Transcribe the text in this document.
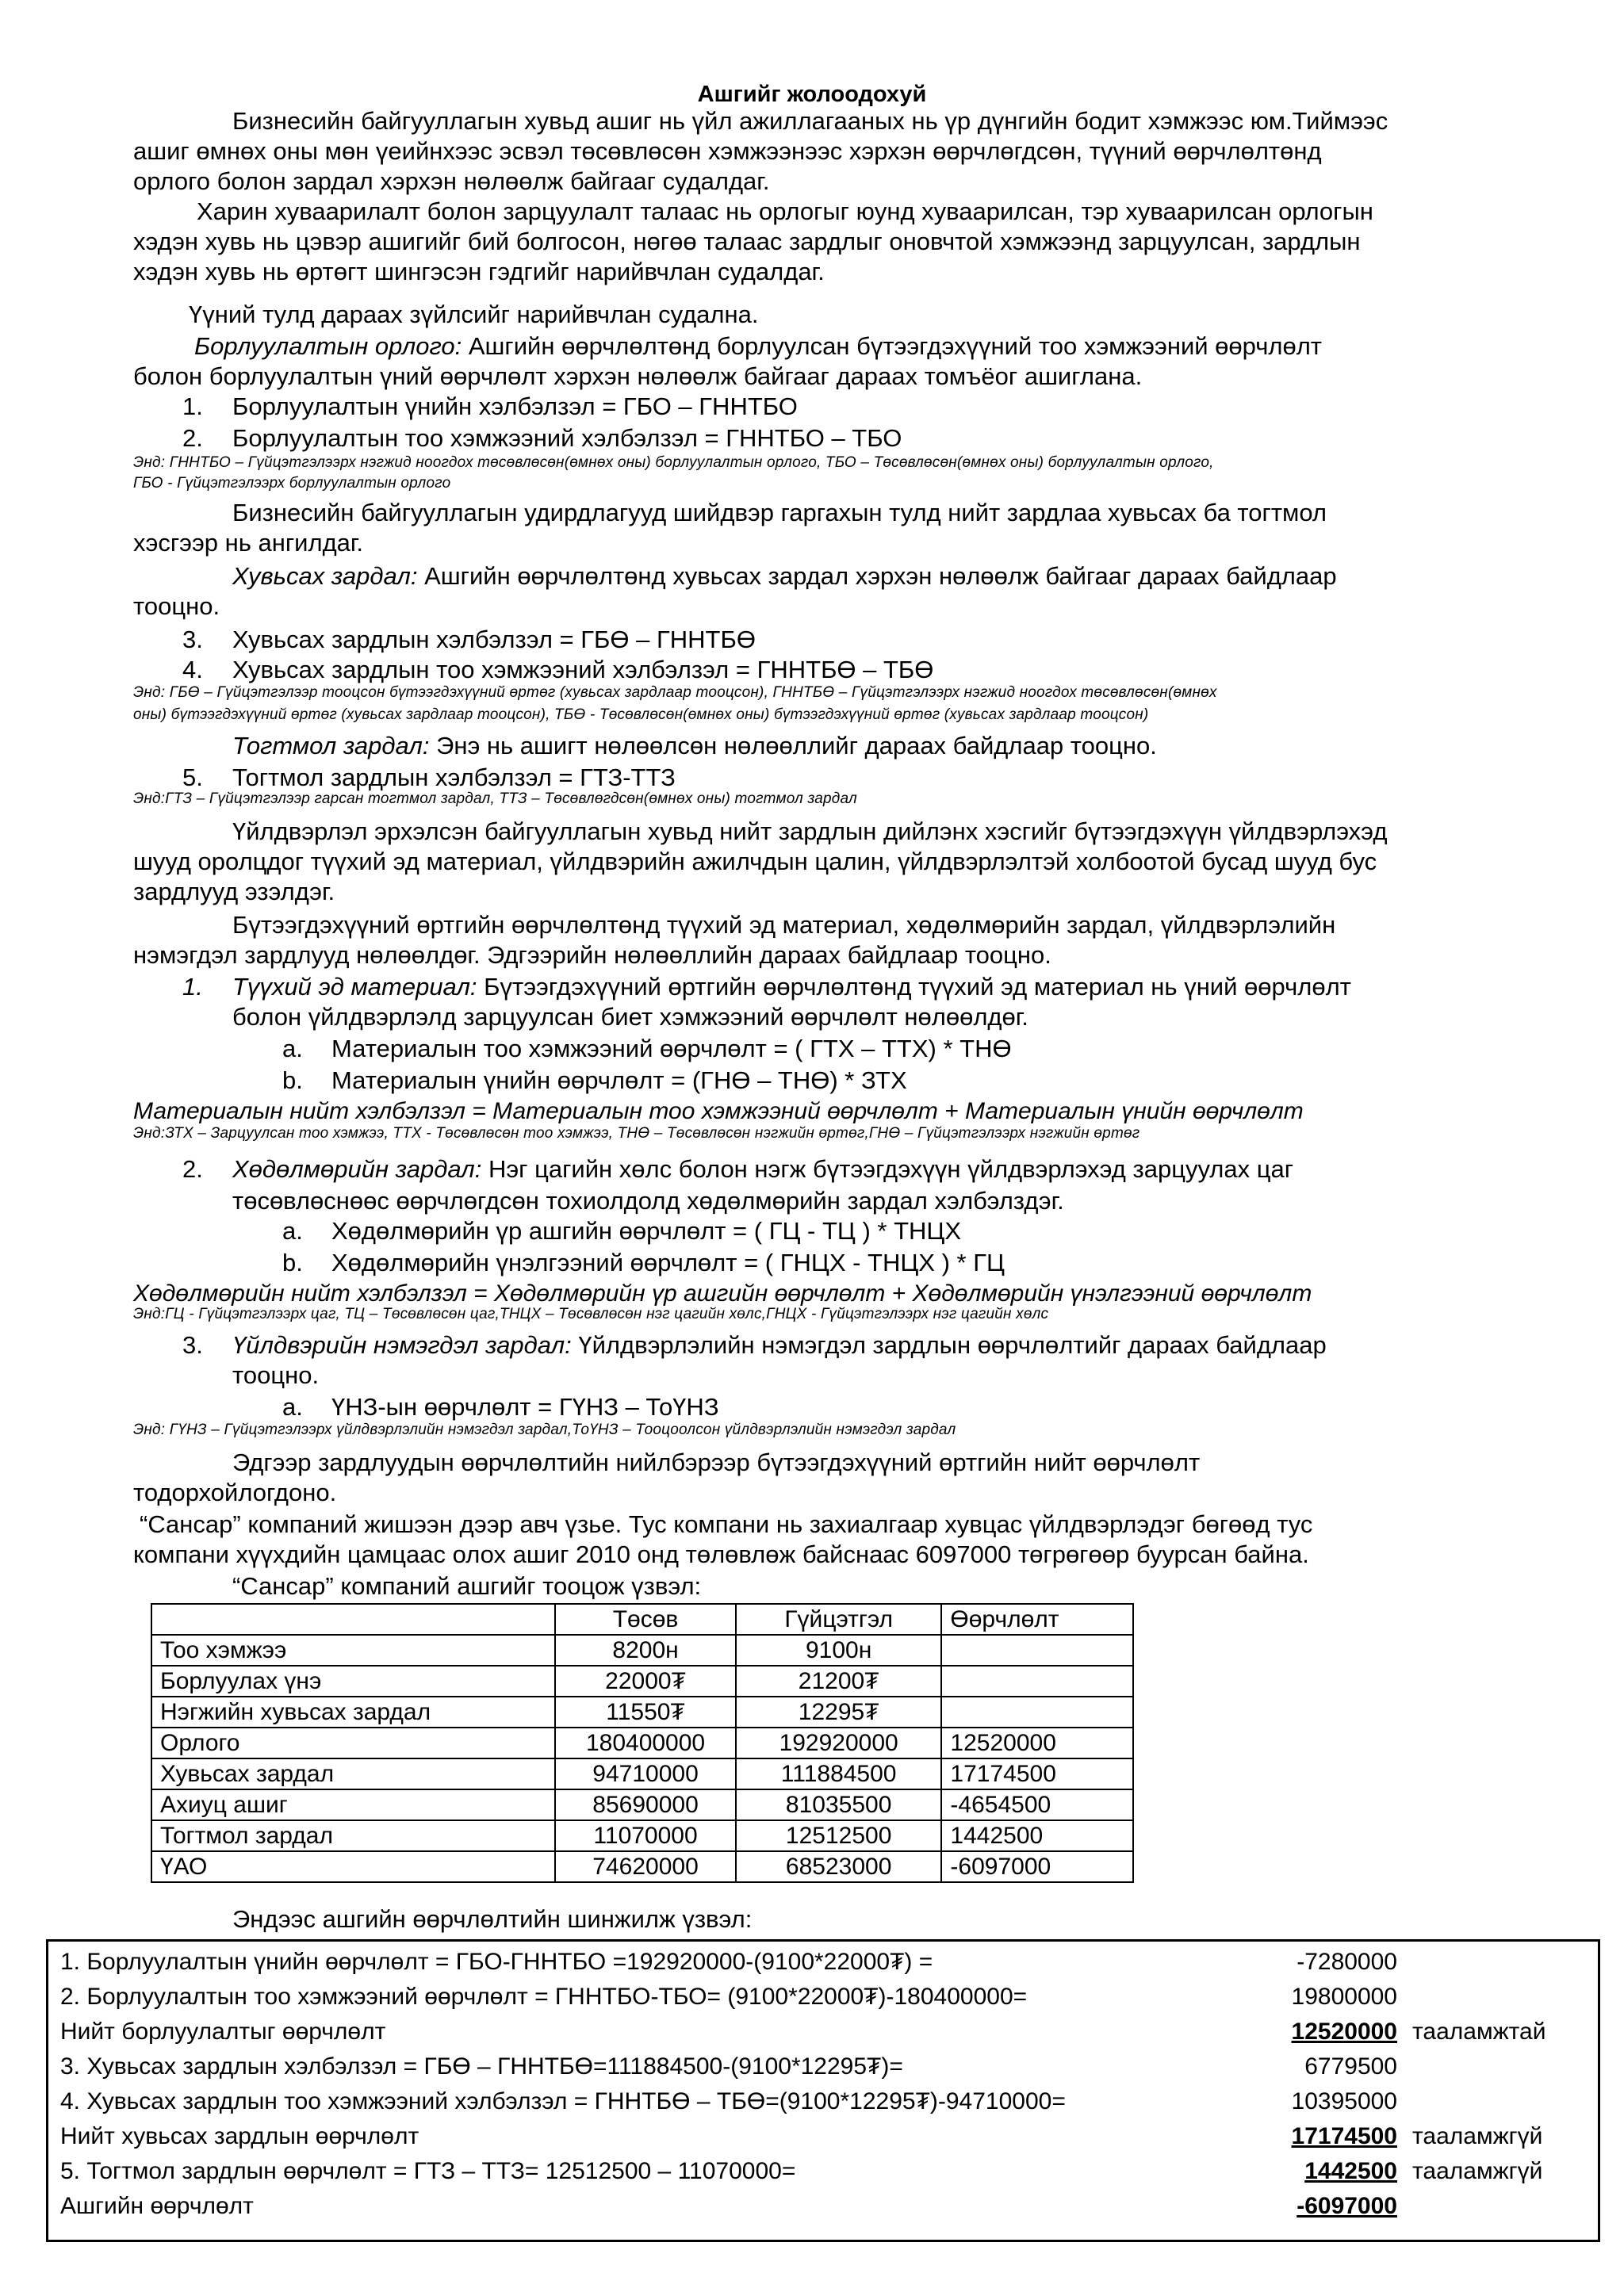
Ашгийг жолоодохуй
Бизнесийн байгууллагын хувьд ашиг нь үйл ажиллагааных нь үр дүнгийн бодит хэмжээс юм.Тиймээс
ашиг өмнөх оны мөн үеийнхээс эсвэл төсөвлөсөн хэмжээнээс хэрхэн өөрчлөгдсөн, түүний өөрчлөлтөнд
орлого болон зардал хэрхэн нөлөөлж байгааг судалдаг.
Харин хуваарилалт болон зарцуулалт талаас нь орлогыг юунд хуваарилсан, тэр хуваарилсан орлогын
хэдэн хувь нь цэвэр ашигийг бий болгосон, нөгөө талаас зардлыг оновчтой хэмжээнд зарцуулсан, зардлын
хэдэн хувь нь өртөгт шингэсэн гэдгийг нарийвчлан судалдаг.
Үүний тулд дараах зүйлсийг нарийвчлан судална.
Борлуулалтын орлого: Ашгийн өөрчлөлтөнд борлуулсан бүтээгдэхүүний тоо хэмжээний өөрчлөлт
болон борлуулалтын үний өөрчлөлт хэрхэн нөлөөлж байгааг дараах томъёог ашиглана.
1. Борлуулалтын үнийн хэлбэлзэл = ГБО – ГННТБО
2. Борлуулалтын тоо хэмжээний хэлбэлзэл = ГННТБО – ТБО
Энд: ГННТБО – Гүйцэтгэлээрх нэгжид ноогдох төсөвлөсөн(өмнөх оны) борлуулалтын орлого, ТБО – Төсөвлөсөн(өмнөх оны) борлуулалтын орлого,
ГБО - Гүйцэтгэлээрх борлуулалтын орлого
Бизнесийн байгууллагын удирдлагууд шийдвэр гаргахын тулд нийт зардлаа хувьсах ба тогтмол
хэсгээр нь ангилдаг.
Хувьсах зардал: Ашгийн өөрчлөлтөнд хувьсах зардал хэрхэн нөлөөлж байгааг дараах байдлаар
тооцно.
3. Хувьсах зардлын хэлбэлзэл = ГБӨ – ГННТБӨ
4. Хувьсах зардлын тоо хэмжээний хэлбэлзэл = ГННТБӨ – ТБӨ
Энд: ГБӨ – Гүйцэтгэлээр тооцсон бүтээгдэхүүний өртөг (хувьсах зардлаар тооцсон), ГННТБӨ – Гүйцэтгэлээрх нэгжид ноогдох төсөвлөсөн(өмнөх
оны) бүтээгдэхүүний өртөг (хувьсах зардлаар тооцсон), ТБӨ - Төсөвлөсөн(өмнөх оны) бүтээгдэхүүний өртөг (хувьсах зардлаар тооцсон)
Тогтмол зардал: Энэ нь ашигт нөлөөлсөн нөлөөллийг дараах байдлаар тооцно.
5. Тогтмол зардлын хэлбэлзэл = ГТЗ-ТТЗ
Энд:ГТЗ – Гүйцэтгэлээр гарсан тогтмол зардал, ТТЗ – Төсөвлөгдсөн(өмнөх оны) тогтмол зардал
Үйлдвэрлэл эрхэлсэн байгууллагын хувьд нийт зардлын дийлэнх хэсгийг бүтээгдэхүүн үйлдвэрлэхэд
шууд оролцдог түүхий эд материал, үйлдвэрийн ажилчдын цалин, үйлдвэрлэлтэй холбоотой бусад шууд бус
зардлууд эзэлдэг.
Бүтээгдэхүүний өртгийн өөрчлөлтөнд түүхий эд материал, хөдөлмөрийн зардал, үйлдвэрлэлийн
нэмэгдэл зардлууд нөлөөлдөг. Эдгээрийн нөлөөллийн дараах байдлаар тооцно.
1. Түүхий эд материал: Бүтээгдэхүүний өртгийн өөрчлөлтөнд түүхий эд материал нь үний өөрчлөлт
болон үйлдвэрлэлд зарцуулсан биет хэмжээний өөрчлөлт нөлөөлдөг.
a. Материалын тоо хэмжээний өөрчлөлт = ( ГТХ – ТТХ) * ТНӨ
b. Материалын үнийн өөрчлөлт = (ГНӨ – ТНӨ) * ЗТХ
Материалын нийт хэлбэлзэл = Материалын тоо хэмжээний өөрчлөлт + Материалын үнийн өөрчлөлт
Энд:ЗТХ – Зарцуулсан тоо хэмжээ, ТТХ - Төсөвлөсөн тоо хэмжээ, ТНӨ – Төсөвлөсөн нэгжийн өртөг,ГНӨ – Гүйцэтгэлээрх нэгжийн өртөг
2. Хөдөлмөрийн зардал: Нэг цагийн хөлс болон нэгж бүтээгдэхүүн үйлдвэрлэхэд зарцуулах цаг
төсөвлөснөөс өөрчлөгдсөн тохиолдолд хөдөлмөрийн зардал хэлбэлздэг.
a. Хөдөлмөрийн үр ашгийн өөрчлөлт = ( ГЦ - ТЦ ) * ТНЦХ
b. Хөдөлмөрийн үнэлгээний өөрчлөлт = ( ГНЦХ - ТНЦХ ) * ГЦ
Хөдөлмөрийн нийт хэлбэлзэл = Хөдөлмөрийн үр ашгийн өөрчлөлт + Хөдөлмөрийн үнэлгээний өөрчлөлт
Энд:ГЦ - Гүйцэтгэлээрх цаг, ТЦ – Төсөвлөсөн цаг,ТНЦХ – Төсөвлөсөн нэг цагийн хөлс,ГНЦХ - Гүйцэтгэлээрх нэг цагийн хөлс
3. Үйлдвэрийн нэмэгдэл зардал: Үйлдвэрлэлийн нэмэгдэл зардлын өөрчлөлтийг дараах байдлаар
тооцно.
a. ҮНЗ-ын өөрчлөлт = ГҮНЗ – ТоҮНЗ
Энд: ГҮНЗ – Гүйцэтгэлээрх үйлдвэрлэлийн нэмэгдэл зардал,ТоҮНЗ – Тооцоолсон үйлдвэрлэлийн нэмэгдэл зардал
Эдгээр зардлуудын өөрчлөлтийн нийлбэрээр бүтээгдэхүүний өртгийн нийт өөрчлөлт
тодорхойлогдоно.
“Сансар” компаний жишээн дээр авч үзье. Тус компани нь захиалгаар хувцас үйлдвэрлэдэг бөгөөд тус
компани хүүхдийн цамцаас олох ашиг 2010 онд төлөвлөж байснаас 6097000 төгрөгөөр буурсан байна.
“Сансар” компаний ашгийг тооцож үзвэл:
	Төсөв	Гүйцэтгэл	Өөрчлөлт
Тоо хэмжээ	8200н	9100н	
Борлуулах үнэ	22000₮	21200₮	
Нэгжийн хувьсах зардал	11550₮	12295₮	
Орлого	180400000	192920000	12520000
Хувьсах зардал	94710000	111884500	17174500
Ахиуц ашиг	85690000	81035500	-4654500
Тогтмол зардал	11070000	12512500	1442500
ҮАО	74620000	68523000	-6097000
Эндээс ашгийн өөрчлөлтийн шинжилж үзвэл:
1. Борлуулалтын үнийн өөрчлөлт = ГБО-ГННТБО =192920000-(9100*22000₮) =	-7280000
2. Борлуулалтын тоо хэмжээний өөрчлөлт = ГННТБО-ТБО= (9100*22000₮)-180400000=	19800000
Нийт борлуулалтыг өөрчлөлт	12520000 тааламжтай
3. Хувьсах зардлын хэлбэлзэл = ГБӨ – ГННТБӨ=111884500-(9100*12295₮)=	6779500
4. Хувьсах зардлын тоо хэмжээний хэлбэлзэл = ГННТБӨ – ТБӨ=(9100*12295₮)-94710000=	10395000
Нийт хувьсах зардлын өөрчлөлт	17174500 тааламжгүй
5. Тогтмол зардлын өөрчлөлт = ГТЗ – ТТЗ= 12512500 – 11070000=	1442500 тааламжгүй
Ашгийн өөрчлөлт	-6097000
